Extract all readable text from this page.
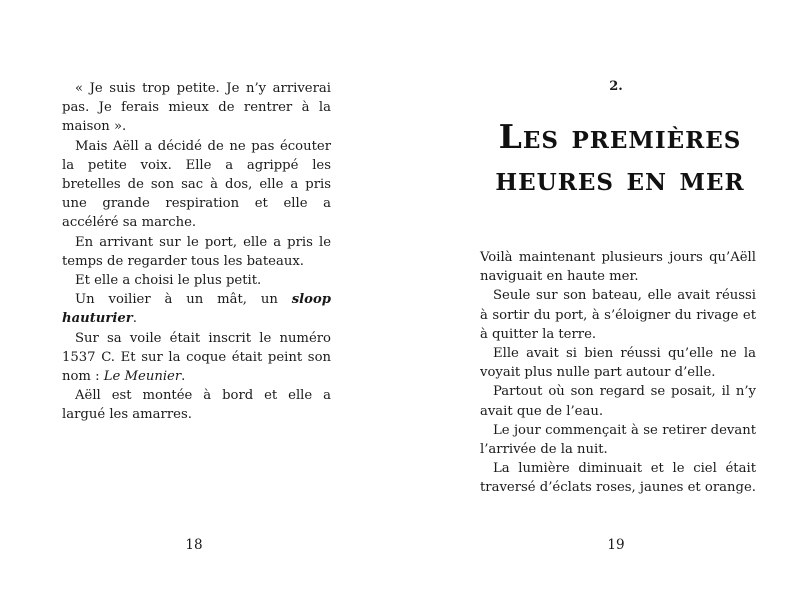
« Je suis trop petite. Je n’y arriverai pas. Je ferais mieux de rentrer à la maison ».

Mais Aëll a décidé de ne pas écouter la petite voix. Elle a agrippé les bretelles de son sac à dos, elle a pris une grande respiration et elle a accéléré sa marche.

En arrivant sur le port, elle a pris le temps de regarder tous les bateaux.

Et elle a choisi le plus petit.

Un voilier à un mât, un sloop hauturier.

Sur sa voile était inscrit le numéro 1537 C. Et sur la coque était peint son nom : Le Meunier.

Aëll est montée à bord et elle a largué les amarres.

18
2.
Les premières
heures en mer

Voilà maintenant plusieurs jours qu’Aëll naviguait en haute mer.

Seule sur son bateau, elle avait réussi à sortir du port, à s’éloigner du rivage et à quitter la terre.

Elle avait si bien réussi qu’elle ne la voyait plus nulle part autour d’elle.

Partout où son regard se posait, il n’y avait que de l’eau.

Le jour commençait à se retirer devant l’arrivée de la nuit.

La lumière diminuait et le ciel était traversé d’éclats roses, jaunes et orange.

19
